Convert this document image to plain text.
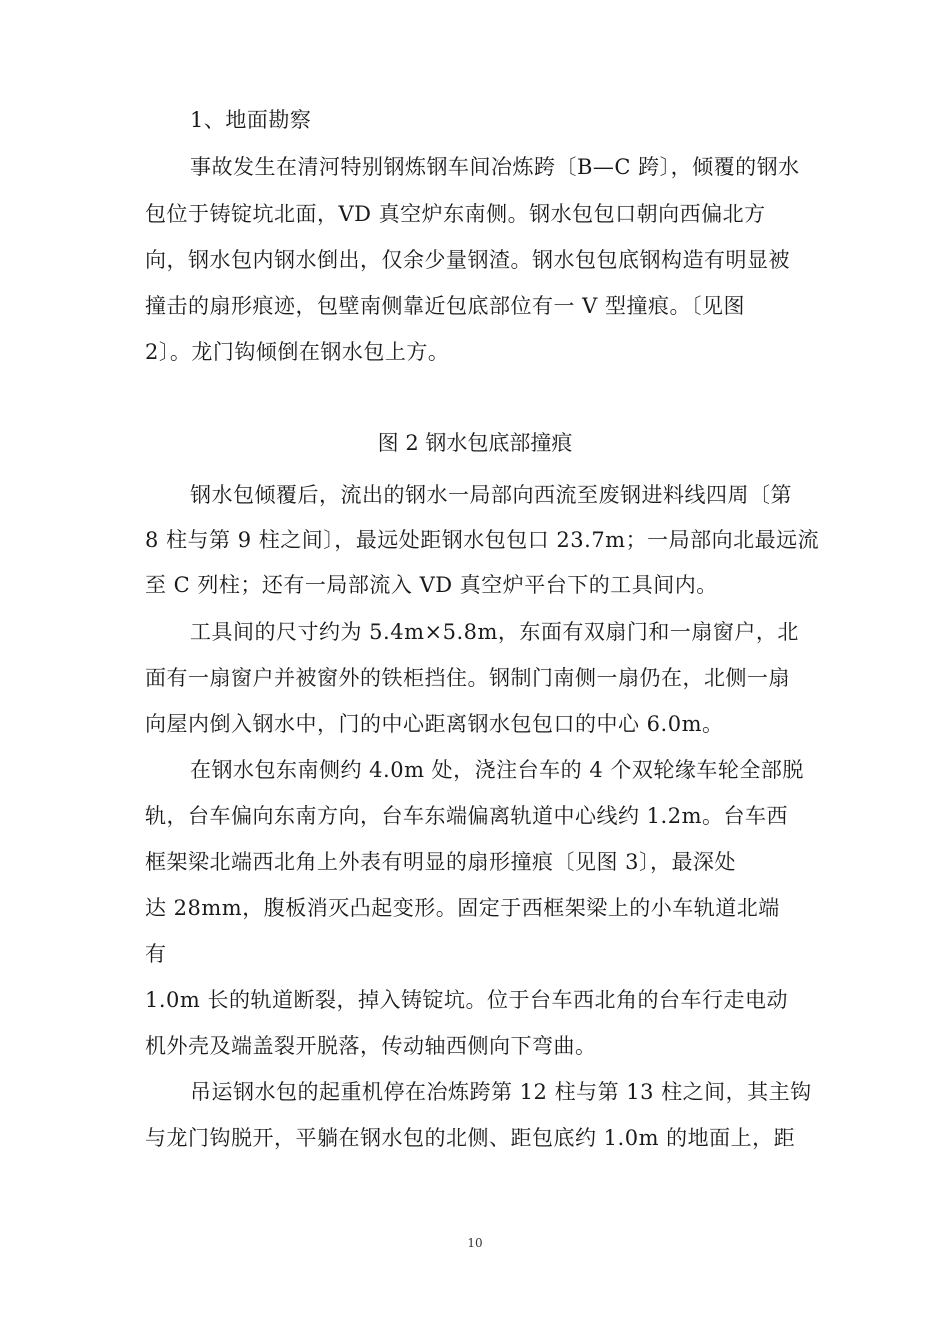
1、地面勘察
事故发生在清河特别钢炼钢车间冶炼跨〔B—C 跨〕，倾覆的钢水
包位于铸锭坑北面，VD 真空炉东南侧。钢水包包口朝向西偏北方
向，钢水包内钢水倒出，仅余少量钢渣。钢水包包底钢构造有明显被
撞击的扇形痕迹，包壁南侧靠近包底部位有一 V 型撞痕。〔见图
2〕。龙门钩倾倒在钢水包上方。
图 2 钢水包底部撞痕
钢水包倾覆后，流出的钢水一局部向西流至废钢进料线四周〔第
8 柱与第 9 柱之间〕，最远处距钢水包包口 23.7m；一局部向北最远流
至 C 列柱；还有一局部流入 VD 真空炉平台下的工具间内。
工具间的尺寸约为 5.4m×5.8m，东面有双扇门和一扇窗户，北
面有一扇窗户并被窗外的铁柜挡住。钢制门南侧一扇仍在，北侧一扇
向屋内倒入钢水中，门的中心距离钢水包包口的中心 6.0m。
在钢水包东南侧约 4.0m 处，浇注台车的 4 个双轮缘车轮全部脱
轨，台车偏向东南方向，台车东端偏离轨道中心线约 1.2m。台车西
框架梁北端西北角上外表有明显的扇形撞痕〔见图 3〕，最深处
达 28mm，腹板消灭凸起变形。固定于西框架梁上的小车轨道北端
有
1.0m 长的轨道断裂，掉入铸锭坑。位于台车西北角的台车行走电动
机外壳及端盖裂开脱落，传动轴西侧向下弯曲。
吊运钢水包的起重机停在冶炼跨第 12 柱与第 13 柱之间，其主钩
与龙门钩脱开，平躺在钢水包的北侧、距包底约 1.0m 的地面上，距
10
